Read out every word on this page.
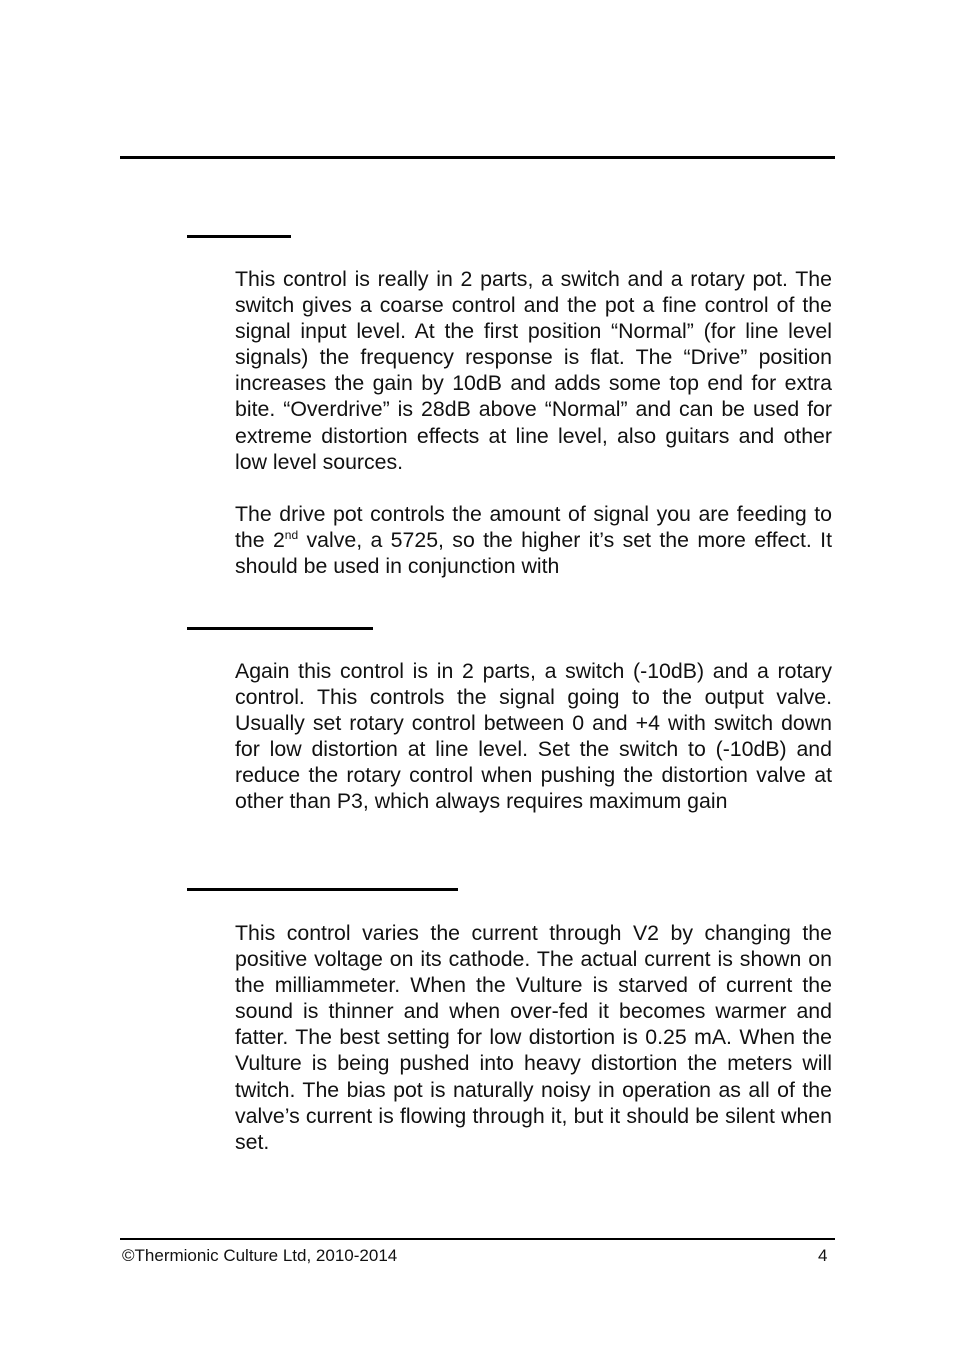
This control is really in 2 parts, a switch and a rotary pot. The switch gives a coarse control and the pot a fine control of the signal input level. At the first position “Normal” (for line level signals) the frequency response is flat. The “Drive” position increases the gain by 10dB and adds some top end for extra bite. “Overdrive” is 28dB above “Normal” and can be used for extreme distortion effects at line level, also guitars and other low level sources.

The drive pot controls the amount of signal you are feeding to the 2nd valve, a 5725, so the higher it’s set the more effect. It should be used in conjunction with

Again this control is in 2 parts, a switch (-10dB) and a rotary control. This controls the signal going to the output valve. Usually set rotary control between 0 and +4 with switch down for low distortion at line level. Set the switch to (-10dB) and reduce the rotary control when pushing the distortion valve at other than P3, which always requires maximum gain

This control varies the current through V2 by changing the positive voltage on its cathode. The actual current is shown on the milliammeter. When the Vulture is starved of current the sound is thinner and when over-fed it becomes warmer and fatter. The best setting for low distortion is 0.25 mA. When the Vulture is being pushed into heavy distortion the meters will twitch. The bias pot is naturally noisy in operation as all of the valve’s current is flowing through it, but it should be silent when set.

©Thermionic Culture Ltd, 2010-2014	4
